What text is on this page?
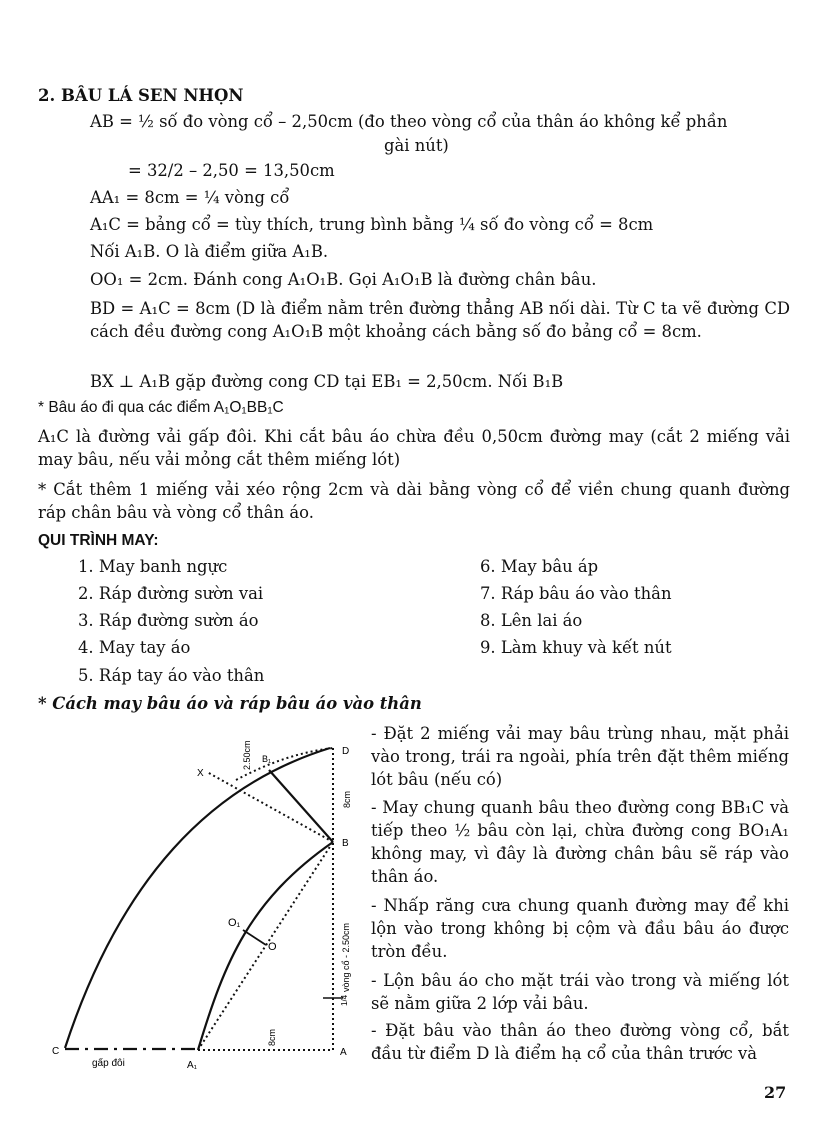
2. BÂU LÁ SEN NHỌN
AB = ½ số đo vòng cổ – 2,50cm (đo theo vòng cổ của thân áo không kể phần
gài nút)
= 32/2 – 2,50 = 13,50cm
AA₁ = 8cm = ¼ vòng cổ
A₁C = bảng cổ = tùy thích, trung bình bằng ¼ số đo vòng cổ = 8cm
Nối A₁B. O là điểm giữa A₁B.
OO₁ = 2cm. Đánh cong A₁O₁B. Gọi A₁O₁B là đường chân bâu.
BD = A₁C = 8cm (D là điểm nằm trên đường thẳng AB nối dài. Từ C ta vẽ đường CD cách đều đường cong A₁O₁B một khoảng cách bằng số đo bảng cổ = 8cm.
BX ⊥ A₁B gặp đường cong CD tại EB₁ = 2,50cm. Nối B₁B
* Bâu áo đi qua các điểm A₁O₁BB₁C
A₁C là đường vải gấp đôi. Khi cắt bâu áo chừa đều 0,50cm đường may (cắt 2 miếng vải may bâu, nếu vải mỏng cắt thêm miếng lót)
* Cắt thêm 1 miếng vải xéo rộng 2cm và dài bằng vòng cổ để viền chung quanh đường ráp chân bâu và vòng cổ thân áo.
QUI TRÌNH MAY:
1. May banh ngực
2. Ráp đường sườn vai
3. Ráp đường sườn áo
4. May tay áo
5. Ráp tay áo vào thân
6. May bâu áp
7. Ráp bâu áo vào thân
8. Lên lai áo
9. Làm khuy và kết nút
* Cách may bâu áo và ráp bâu áo vào thân
- Đặt 2 miếng vải may bâu trùng nhau, mặt phải vào trong, trái ra ngoài, phía trên đặt thêm miếng lót bâu (nếu có)
- May chung quanh bâu theo đường cong BB₁C và tiếp theo ½ bâu còn lại, chừa đường cong BO₁A₁ không may, vì đây là đường chân bâu sẽ ráp vào thân áo.
- Nhấp răng cưa chung quanh đường may để khi lộn vào trong không bị cộm và đầu bâu áo được tròn đều.
- Lộn bâu áo cho mặt trái vào trong và miếng lót sẽ nằm giữa 2 lớp vải bâu.
- Đặt bâu vào thân áo theo đường vòng cổ, bắt đầu từ điểm D là điểm hạ cổ của thân trước và
C
A₁
A
B
B₁
D
X
O
O₁
gấp đôi
2.50cm
8cm
vòng cổ - 2.50cm
8cm
1/4
27
